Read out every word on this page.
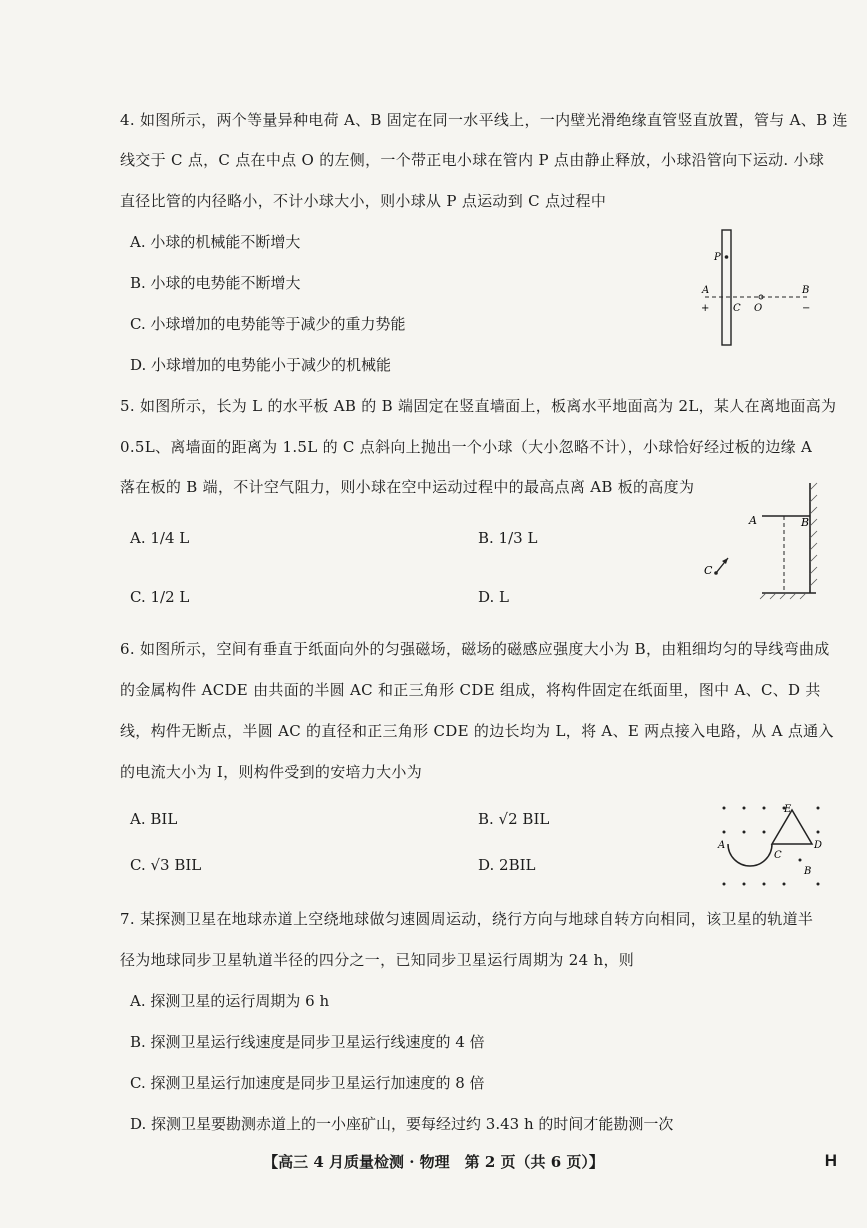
4. 如图所示，两个等量异种电荷 A、B 固定在同一水平线上，一内壁光滑绝缘直管竖直放置，管与 A、B 连
线交于 C 点，C 点在中点 O 的左侧，一个带正电小球在管内 P 点由静止释放，小球沿管向下运动. 小球
直径比管的内径略小，不计小球大小，则小球从 P 点运动到 C 点过程中
A. 小球的机械能不断增大
B. 小球的电势能不断增大
C. 小球增加的电势能等于减少的重力势能
D. 小球增加的电势能小于减少的机械能
P
A
+ C O
B
−
5. 如图所示，长为 L 的水平板 AB 的 B 端固定在竖直墙面上，板离水平地面高为 2L，某人在离地面高为
0.5L、离墙面的距离为 1.5L 的 C 点斜向上抛出一个小球（大小忽略不计），小球恰好经过板的边缘 A
落在板的 B 端，不计空气阻力，则小球在空中运动过程中的最高点离 AB 板的高度为
A. 1/4 L	B. 1/3 L
C. 1/2 L	D. L
A	B
C
6. 如图所示，空间有垂直于纸面向外的匀强磁场，磁场的磁感应强度大小为 B，由粗细均匀的导线弯曲成
的金属构件 ACDE 由共面的半圆 AC 和正三角形 CDE 组成，将构件固定在纸面里，图中 A、C、D 共
线，构件无断点，半圆 AC 的直径和正三角形 CDE 的边长均为 L，将 A、E 两点接入电路，从 A 点通入
的电流大小为 I，则构件受到的安培力大小为
A. BIL	B. √2 BIL
C. √3 BIL	D. 2BIL
E
A
C
D
B
7. 某探测卫星在地球赤道上空绕地球做匀速圆周运动，绕行方向与地球自转方向相同，该卫星的轨道半
径为地球同步卫星轨道半径的四分之一，已知同步卫星运行周期为 24 h，则
A. 探测卫星的运行周期为 6 h
B. 探测卫星运行线速度是同步卫星运行线速度的 4 倍
C. 探测卫星运行加速度是同步卫星运行加速度的 8 倍
D. 探测卫星要勘测赤道上的一小座矿山，要每经过约 3.43 h 的时间才能勘测一次
【高三 4 月质量检测 · 物理　第 2 页（共 6 页）】	H
